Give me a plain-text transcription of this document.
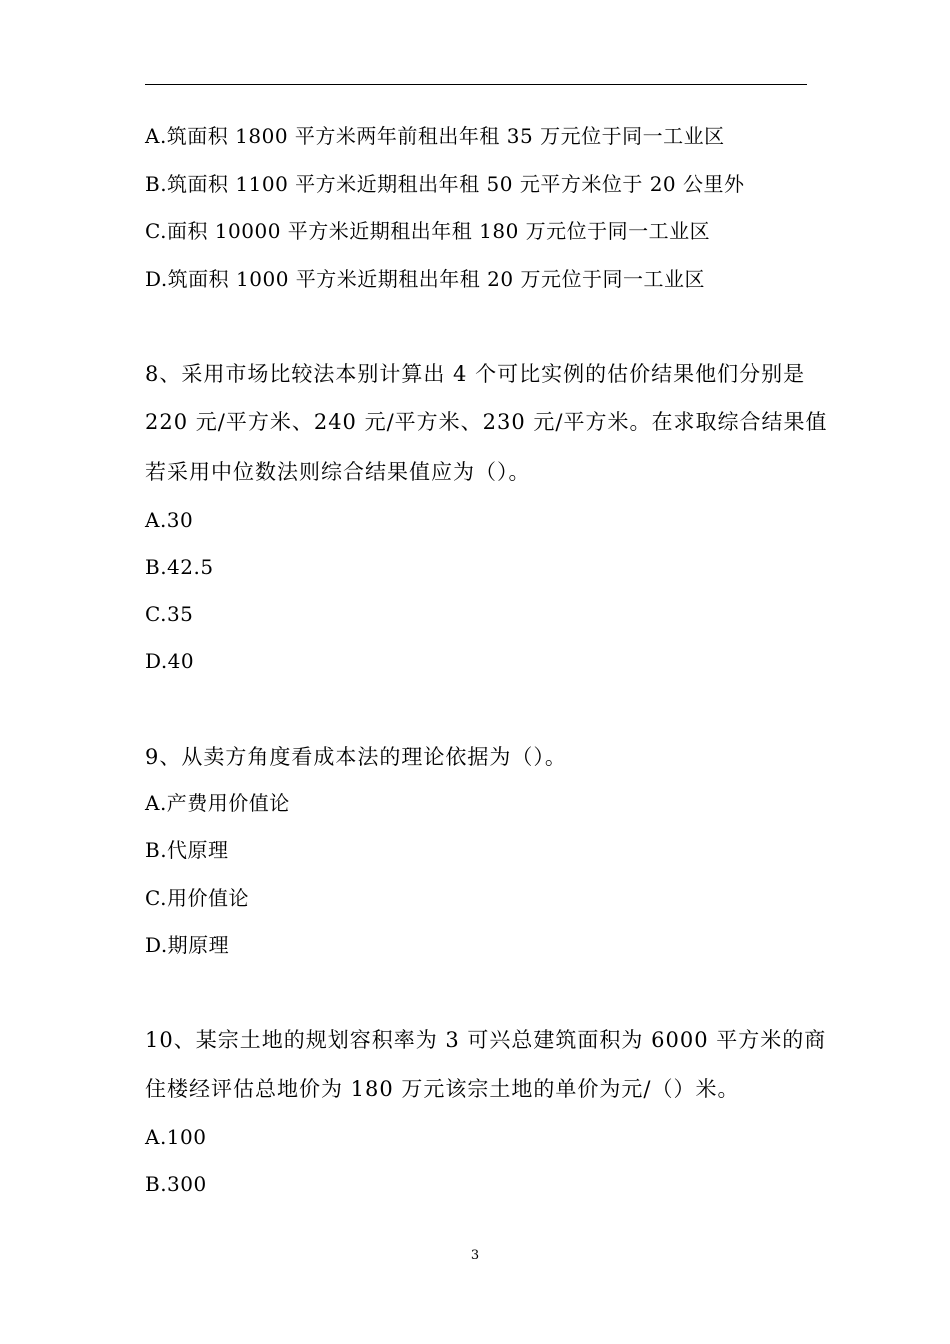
A.筑面积 1800 平方米两年前租出年租 35 万元位于同一工业区
B.筑面积 1100 平方米近期租出年租 50 元平方米位于 20 公里外
C.面积 10000 平方米近期租出年租 180 万元位于同一工业区
D.筑面积 1000 平方米近期租出年租 20 万元位于同一工业区
8、采用市场比较法本别计算出 4 个可比实例的估价结果他们分别是
220 元/平方米、240 元/平方米、230 元/平方米。在求取综合结果值
若采用中位数法则综合结果值应为（）。
A.30
B.42.5
C.35
D.40
9、从卖方角度看成本法的理论依据为（）。
A.产费用价值论
B.代原理
C.用价值论
D.期原理
10、某宗土地的规划容积率为 3 可兴总建筑面积为 6000 平方米的商
住楼经评估总地价为 180 万元该宗土地的单价为元/（）米。
A.100
B.300
3
